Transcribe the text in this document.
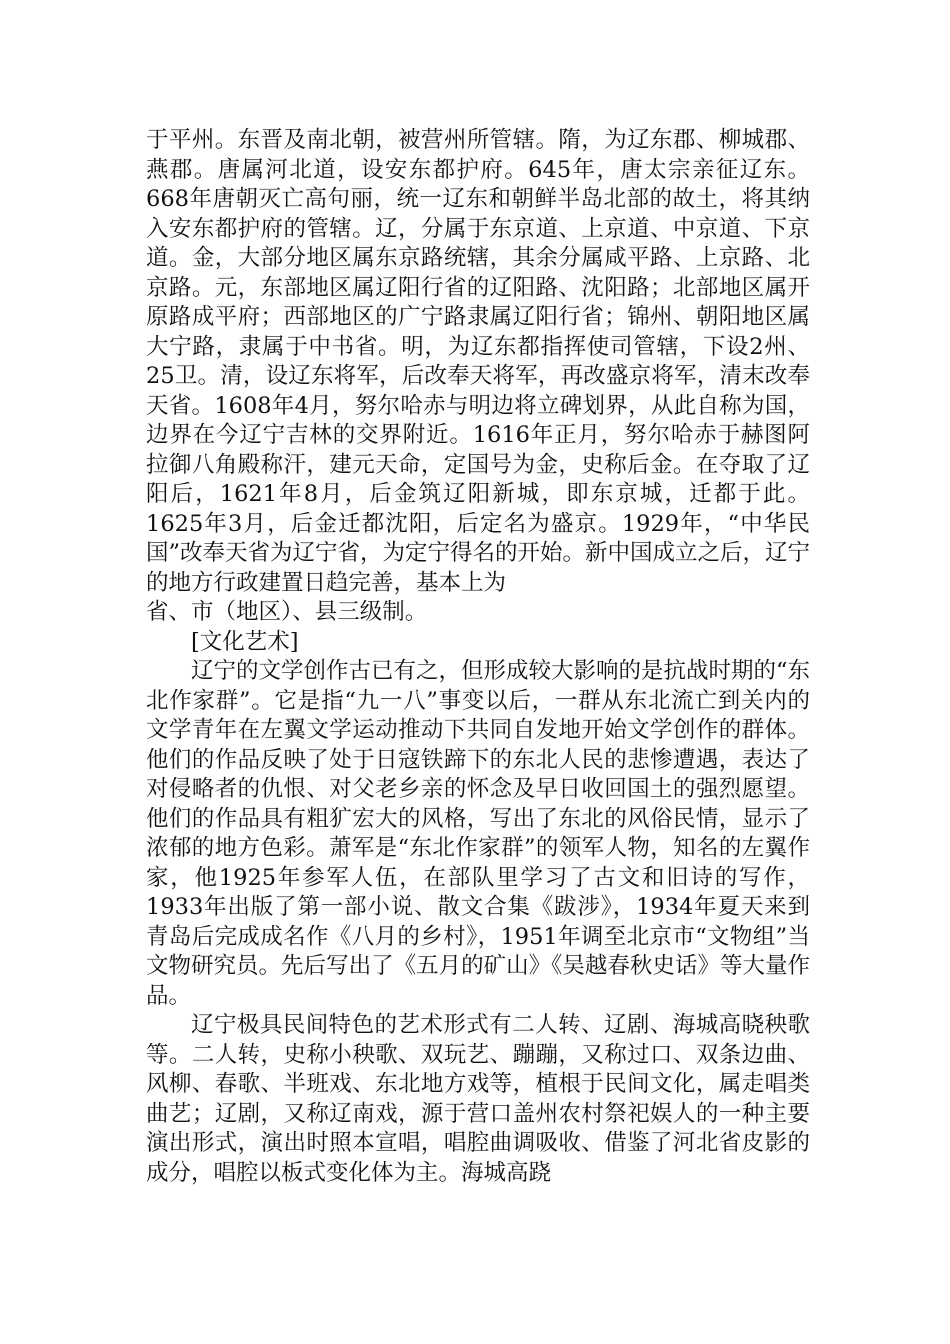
于平州。东晋及南北朝，被营州所管辖。隋，为辽东郡、柳城郡、燕郡。唐属河北道，设安东都护府。645年，唐太宗亲征辽东。668年唐朝灭亡高句丽，统一辽东和朝鲜半岛北部的故土，将其纳入安东都护府的管辖。辽，分属于东京道、上京道、中京道、下京道。金，大部分地区属东京路统辖，其余分属咸平路、上京路、北京路。元，东部地区属辽阳行省的辽阳路、沈阳路；北部地区属开原路成平府；西部地区的广宁路隶属辽阳行省；锦州、朝阳地区属大宁路，隶属于中书省。明，为辽东都指挥使司管辖，下设2州、25卫。清，设辽东将军，后改奉天将军，再改盛京将军，清末改奉天省。1608年4月，努尔哈赤与明边将立碑划界，从此自称为国，边界在今辽宁吉林的交界附近。1616年正月，努尔哈赤于赫图阿拉御八角殿称汗，建元天命，定国号为金，史称后金。在夺取了辽阳后，1621年8月，后金筑辽阳新城，即东京城，迁都于此。1625年3月，后金迁都沈阳，后定名为盛京。1929年，“中华民国”改奉天省为辽宁省，为定宁得名的开始。新中国成立之后，辽宁的地方行政建置日趋完善，基本上为

省、市（地区）、县三级制。

[文化艺术]

辽宁的文学创作古已有之，但形成较大影响的是抗战时期的“东北作家群”。它是指“九一八”事变以后，一群从东北流亡到关内的文学青年在左翼文学运动推动下共同自发地开始文学创作的群体。他们的作品反映了处于日寇铁蹄下的东北人民的悲惨遭遇，表达了对侵略者的仇恨、对父老乡亲的怀念及早日收回国土的强烈愿望。他们的作品具有粗犷宏大的风格，写出了东北的风俗民情，显示了浓郁的地方色彩。萧军是“东北作家群”的领军人物，知名的左翼作家，他1925年参军人伍，在部队里学习了古文和旧诗的写作，1933年出版了第一部小说、散文合集《跋涉》，1934年夏天来到青岛后完成成名作《八月的乡村》，1951年调至北京市“文物组”当文物研究员。先后写出了《五月的矿山》《吴越春秋史话》等大量作品。

辽宁极具民间特色的艺术形式有二人转、辽剧、海城高晓秧歌等。二人转，史称小秧歌、双玩艺、蹦蹦，又称过口、双条边曲、风柳、春歌、半班戏、东北地方戏等，植根于民间文化，属走唱类曲艺；辽剧，又称辽南戏，源于营口盖州农村祭祀娱人的一种主要演出形式，演出时照本宣唱，唱腔曲调吸收、借鉴了河北省皮影的成分，唱腔以板式变化体为主。海城高跷
